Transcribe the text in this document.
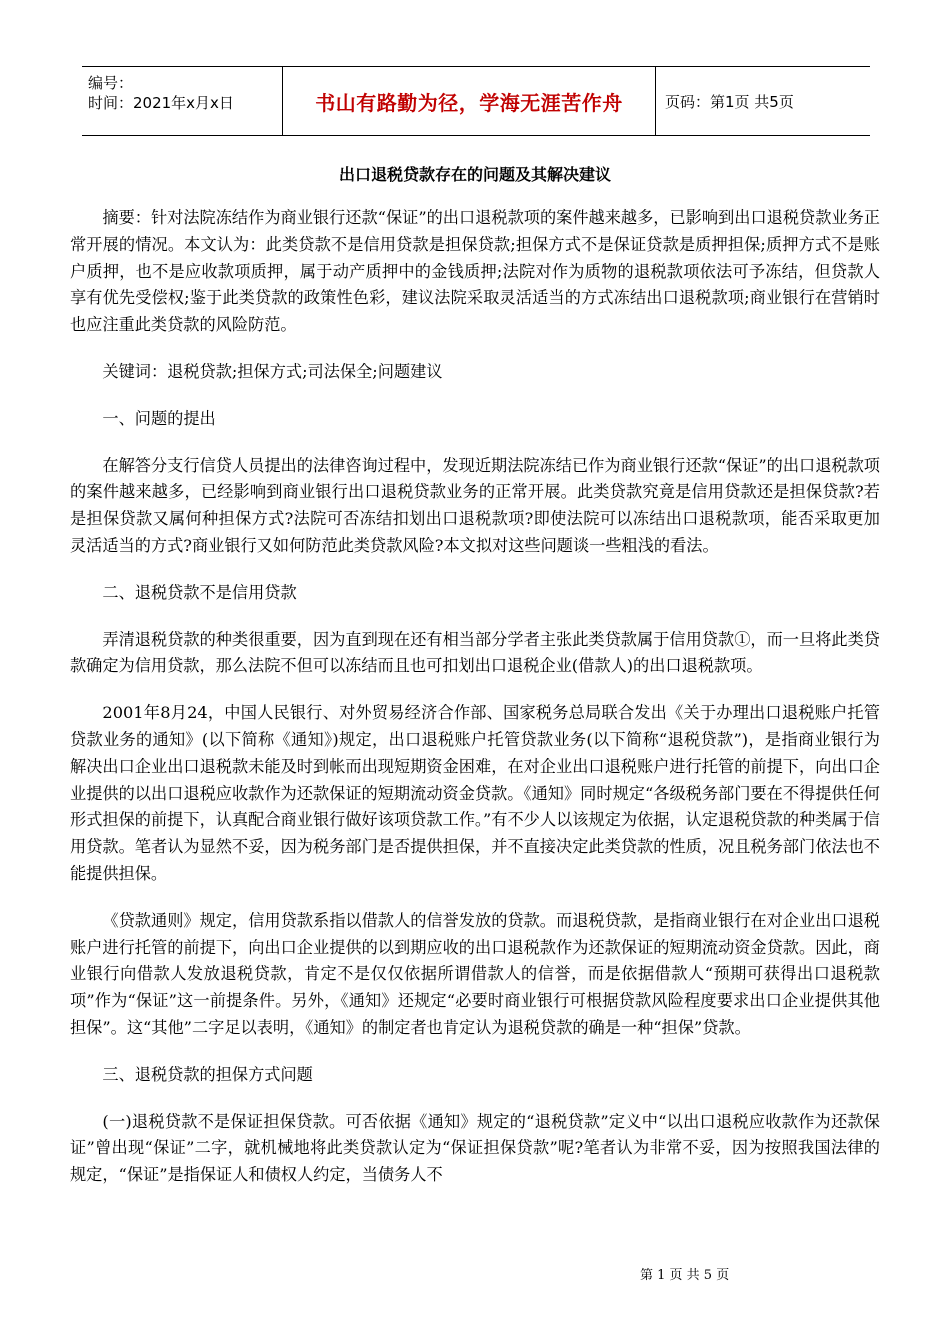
编号：
时间：2021年x月x日	书山有路勤为径，学海无涯苦作舟	页码：第1页 共5页
出口退税贷款存在的问题及其解决建议

摘要：针对法院冻结作为商业银行还款“保证”的出口退税款项的案件越来越多，已影响到出口退税贷款业务正常开展的情况。本文认为：此类贷款不是信用贷款是担保贷款;担保方式不是保证贷款是质押担保;质押方式不是账户质押，也不是应收款项质押，属于动产质押中的金钱质押;法院对作为质物的退税款项依法可予冻结，但贷款人享有优先受偿权;鉴于此类贷款的政策性色彩，建议法院采取灵活适当的方式冻结出口退税款项;商业银行在营销时也应注重此类贷款的风险防范。

关键词：退税贷款;担保方式;司法保全;问题建议

一、问题的提出

在解答分支行信贷人员提出的法律咨询过程中，发现近期法院冻结已作为商业银行还款“保证”的出口退税款项的案件越来越多，已经影响到商业银行出口退税贷款业务的正常开展。此类贷款究竟是信用贷款还是担保贷款?若是担保贷款又属何种担保方式?法院可否冻结扣划出口退税款项?即使法院可以冻结出口退税款项，能否采取更加灵活适当的方式?商业银行又如何防范此类贷款风险?本文拟对这些问题谈一些粗浅的看法。

二、退税贷款不是信用贷款

弄清退税贷款的种类很重要，因为直到现在还有相当部分学者主张此类贷款属于信用贷款①，而一旦将此类贷款确定为信用贷款，那么法院不但可以冻结而且也可扣划出口退税企业(借款人)的出口退税款项。

2001年8月24，中国人民银行、对外贸易经济合作部、国家税务总局联合发出《关于办理出口退税账户托管贷款业务的通知》(以下简称《通知》)规定，出口退税账户托管贷款业务(以下简称“退税贷款”)，是指商业银行为解决出口企业出口退税款未能及时到帐而出现短期资金困难，在对企业出口退税账户进行托管的前提下，向出口企业提供的以出口退税应收款作为还款保证的短期流动资金贷款。《通知》同时规定“各级税务部门要在不得提供任何形式担保的前提下，认真配合商业银行做好该项贷款工作。”有不少人以该规定为依据，认定退税贷款的种类属于信用贷款。笔者认为显然不妥，因为税务部门是否提供担保，并不直接决定此类贷款的性质，况且税务部门依法也不能提供担保。

《贷款通则》规定，信用贷款系指以借款人的信誉发放的贷款。而退税贷款，是指商业银行在对企业出口退税账户进行托管的前提下，向出口企业提供的以到期应收的出口退税款作为还款保证的短期流动资金贷款。因此，商业银行向借款人发放退税贷款，肯定不是仅仅依据所谓借款人的信誉，而是依据借款人“预期可获得出口退税款项”作为“保证”这一前提条件。另外，《通知》还规定“必要时商业银行可根据贷款风险程度要求出口企业提供其他担保”。这“其他”二字足以表明，《通知》的制定者也肯定认为退税贷款的确是一种“担保”贷款。

三、退税贷款的担保方式问题

(一)退税贷款不是保证担保贷款。可否依据《通知》规定的“退税贷款”定义中“以出口退税应收款作为还款保证”曾出现“保证”二字，就机械地将此类贷款认定为“保证担保贷款”呢?笔者认为非常不妥，因为按照我国法律的规定，“保证”是指保证人和债权人约定，当债务人不

第 1 页 共 5 页
